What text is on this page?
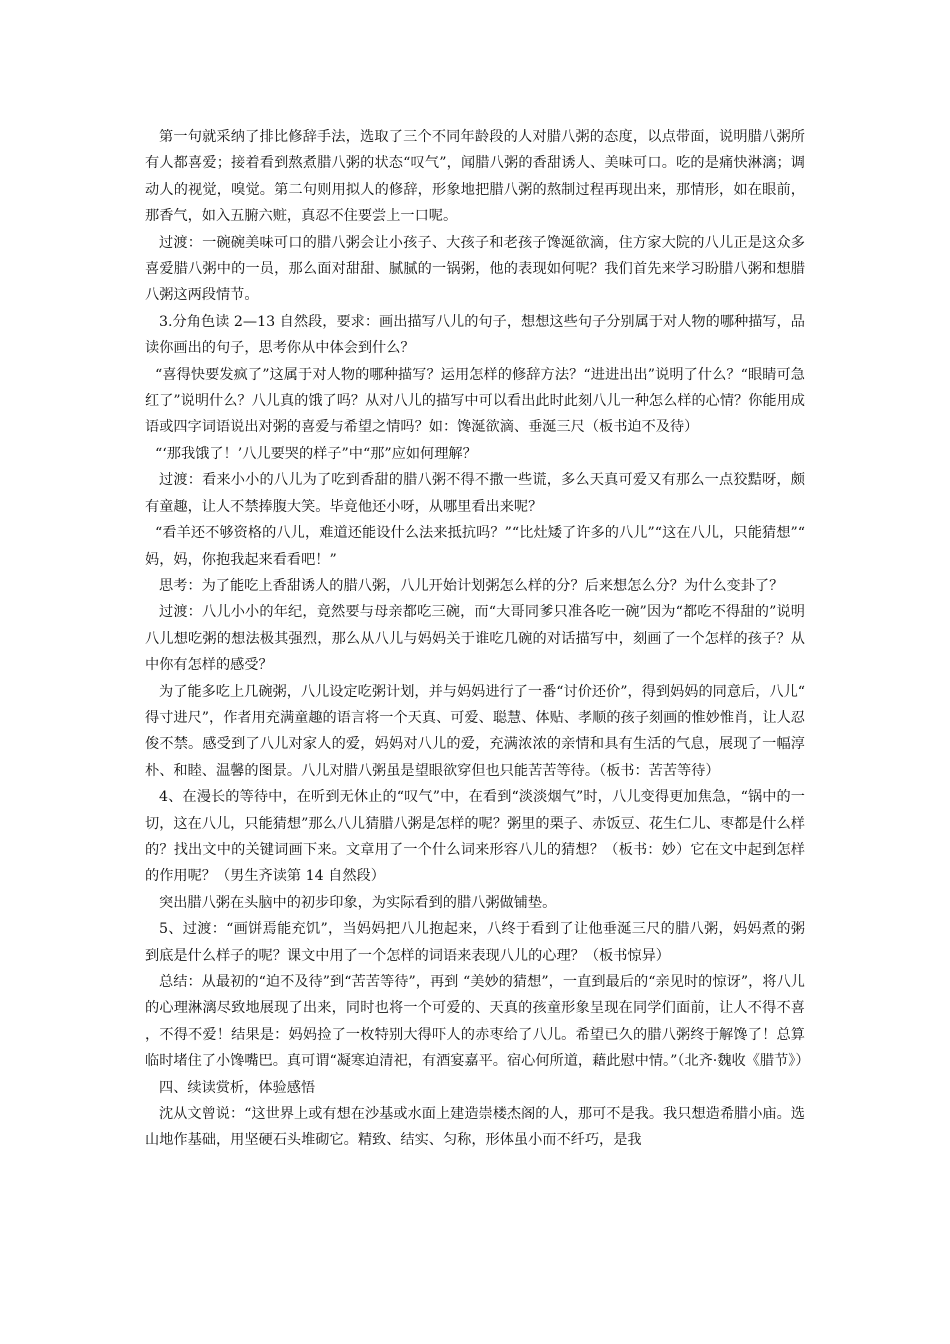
第一句就采纳了排比修辞手法，选取了三个不同年龄段的人对腊八粥的态度，以点带面，说明腊八粥所有人都喜爱；接着看到熬煮腊八粥的状态“叹气”，闻腊八粥的香甜诱人、美味可口。吃的是痛快淋漓；调动人的视觉，嗅觉。第二句则用拟人的修辞，形象地把腊八粥的熬制过程再现出来，那情形，如在眼前，那香气，如入五腑六赃，真忍不住要尝上一口呢。

过渡：一碗碗美味可口的腊八粥会让小孩子、大孩子和老孩子馋涎欲滴，住方家大院的八儿正是这众多喜爱腊八粥中的一员，那么面对甜甜、腻腻的一锅粥，他的表现如何呢？我们首先来学习盼腊八粥和想腊八粥这两段情节。

3.分角色读 2—13 自然段，要求：画出描写八儿的句子，想想这些句子分别属于对人物的哪种描写，品读你画出的句子，思考你从中体会到什么？

“喜得快要发疯了”这属于对人物的哪种描写？运用怎样的修辞方法？“进进出出”说明了什么？“眼睛可急红了”说明什么？八儿真的饿了吗？从对八儿的描写中可以看出此时此刻八儿一种怎么样的心情？你能用成语或四字词语说出对粥的喜爱与希望之情吗？如：馋涎欲滴、垂涎三尺（板书迫不及待）

“‘那我饿了！’八儿要哭的样子”中“那”应如何理解？

过渡：看来小小的八儿为了吃到香甜的腊八粥不得不撒一些谎，多么天真可爱又有那么一点狡黠呀，颇有童趣，让人不禁捧腹大笑。毕竟他还小呀，从哪里看出来呢？

“看羊还不够资格的八儿，难道还能设什么法来抵抗吗？”“比灶矮了许多的八儿”“这在八儿，只能猜想”“妈，妈，你抱我起来看看吧！”

思考：为了能吃上香甜诱人的腊八粥，八儿开始计划粥怎么样的分？后来想怎么分？为什么变卦了？

过渡：八儿小小的年纪，竟然要与母亲都吃三碗，而“大哥同爹只准各吃一碗”因为“都吃不得甜的”说明八儿想吃粥的想法极其强烈，那么从八儿与妈妈关于谁吃几碗的对话描写中，刻画了一个怎样的孩子？从中你有怎样的感受？

为了能多吃上几碗粥，八儿设定吃粥计划，并与妈妈进行了一番“讨价还价”，得到妈妈的同意后，八儿“得寸进尺”，作者用充满童趣的语言将一个天真、可爱、聪慧、体贴、孝顺的孩子刻画的惟妙惟肖，让人忍俊不禁。感受到了八儿对家人的爱，妈妈对八儿的爱，充满浓浓的亲情和具有生活的气息，展现了一幅淳朴、和睦、温馨的图景。八儿对腊八粥虽是望眼欲穿但也只能苦苦等待。（板书：苦苦等待）

4、在漫长的等待中，在听到无休止的“叹气”中，在看到“淡淡烟气”时，八儿变得更加焦急，“锅中的一切，这在八儿，只能猜想”那么八儿猜腊八粥是怎样的呢？粥里的栗子、赤饭豆、花生仁儿、枣都是什么样的？找出文中的关键词画下来。文章用了一个什么词来形容八儿的猜想？（板书：妙）它在文中起到怎样的作用呢？（男生齐读第 14 自然段）

突出腊八粥在头脑中的初步印象，为实际看到的腊八粥做铺垫。

5、过渡：“画饼焉能充饥”，当妈妈把八儿抱起来，八终于看到了让他垂涎三尺的腊八粥，妈妈煮的粥到底是什么样子的呢？课文中用了一个怎样的词语来表现八儿的心理？（板书惊异）

总结：从最初的“迫不及待”到“苦苦等待”，再到 “美妙的猜想”，一直到最后的“亲见时的惊讶”，将八儿的心理淋漓尽致地展现了出来，同时也将一个可爱的、天真的孩童形象呈现在同学们面前，让人不得不喜，不得不爱！结果是：妈妈捡了一枚特别大得吓人的赤枣给了八儿。希望已久的腊八粥终于解馋了！总算临时堵住了小馋嘴巴。真可谓“凝寒迫清祀，有酒宴嘉平。宿心何所道，藉此慰中情。”（北齐·魏收《腊节》）

四、续读赏析，体验感悟

沈从文曾说：“这世界上或有想在沙基或水面上建造崇楼杰阁的人，那可不是我。我只想造希腊小庙。选山地作基础，用坚硬石头堆砌它。精致、结实、匀称，形体虽小而不纤巧，是我
